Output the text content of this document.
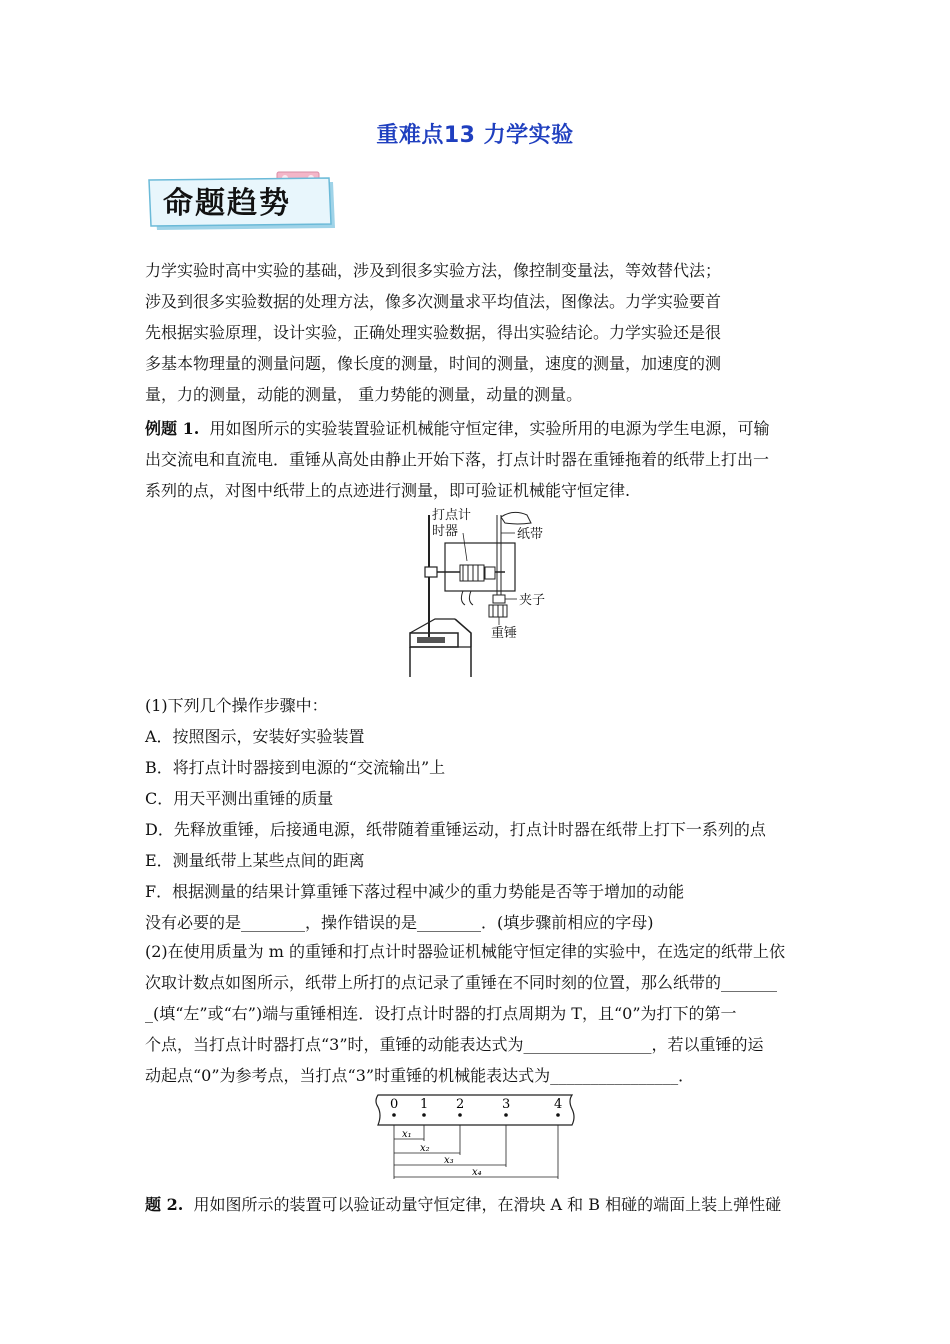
重难点13 力学实验
命题趋势
力学实验时高中实验的基础，涉及到很多实验方法，像控制变量法，等效替代法；
涉及到很多实验数据的处理方法，像多次测量求平均值法，图像法。力学实验要首
先根据实验原理，设计实验，正确处理实验数据，得出实验结论。力学实验还是很
多基本物理量的测量问题，像长度的测量，时间的测量，速度的测量，加速度的测
量，力的测量，动能的测量， 重力势能的测量，动量的测量。
例题 1. 用如图所示的实验装置验证机械能守恒定律，实验所用的电源为学生电源，可输
出交流电和直流电．重锤从高处由静止开始下落，打点计时器在重锤拖着的纸带上打出一
系列的点，对图中纸带上的点迹进行测量，即可验证机械能守恒定律.
打点计
时器	纸带
夹子
重锤
(1)下列几个操作步骤中：
A．按照图示，安装好实验装置
B．将打点计时器接到电源的“交流输出”上
C．用天平测出重锤的质量
D．先释放重锤，后接通电源，纸带随着重锤运动，打点计时器在纸带上打下一系列的点
E．测量纸带上某些点间的距离
F．根据测量的结果计算重锤下落过程中减少的重力势能是否等于增加的动能
没有必要的是________，操作错误的是________．(填步骤前相应的字母)
(2)在使用质量为 m 的重锤和打点计时器验证机械能守恒定律的实验中，在选定的纸带上依
次取计数点如图所示，纸带上所打的点记录了重锤在不同时刻的位置，那么纸带的_______
_(填“左”或“右”)端与重锤相连．设打点计时器的打点周期为 T，且“0”为打下的第一
个点，当打点计时器打点“3”时，重锤的动能表达式为________________，若以重锤的运
动起点“0”为参考点，当打点“3”时重锤的机械能表达式为________________．
0 1 2	3	4
x₁
x₂
x₃
x₄
题 2. 用如图所示的装置可以验证动量守恒定律，在滑块 A 和 B 相碰的端面上装上弹性碰
